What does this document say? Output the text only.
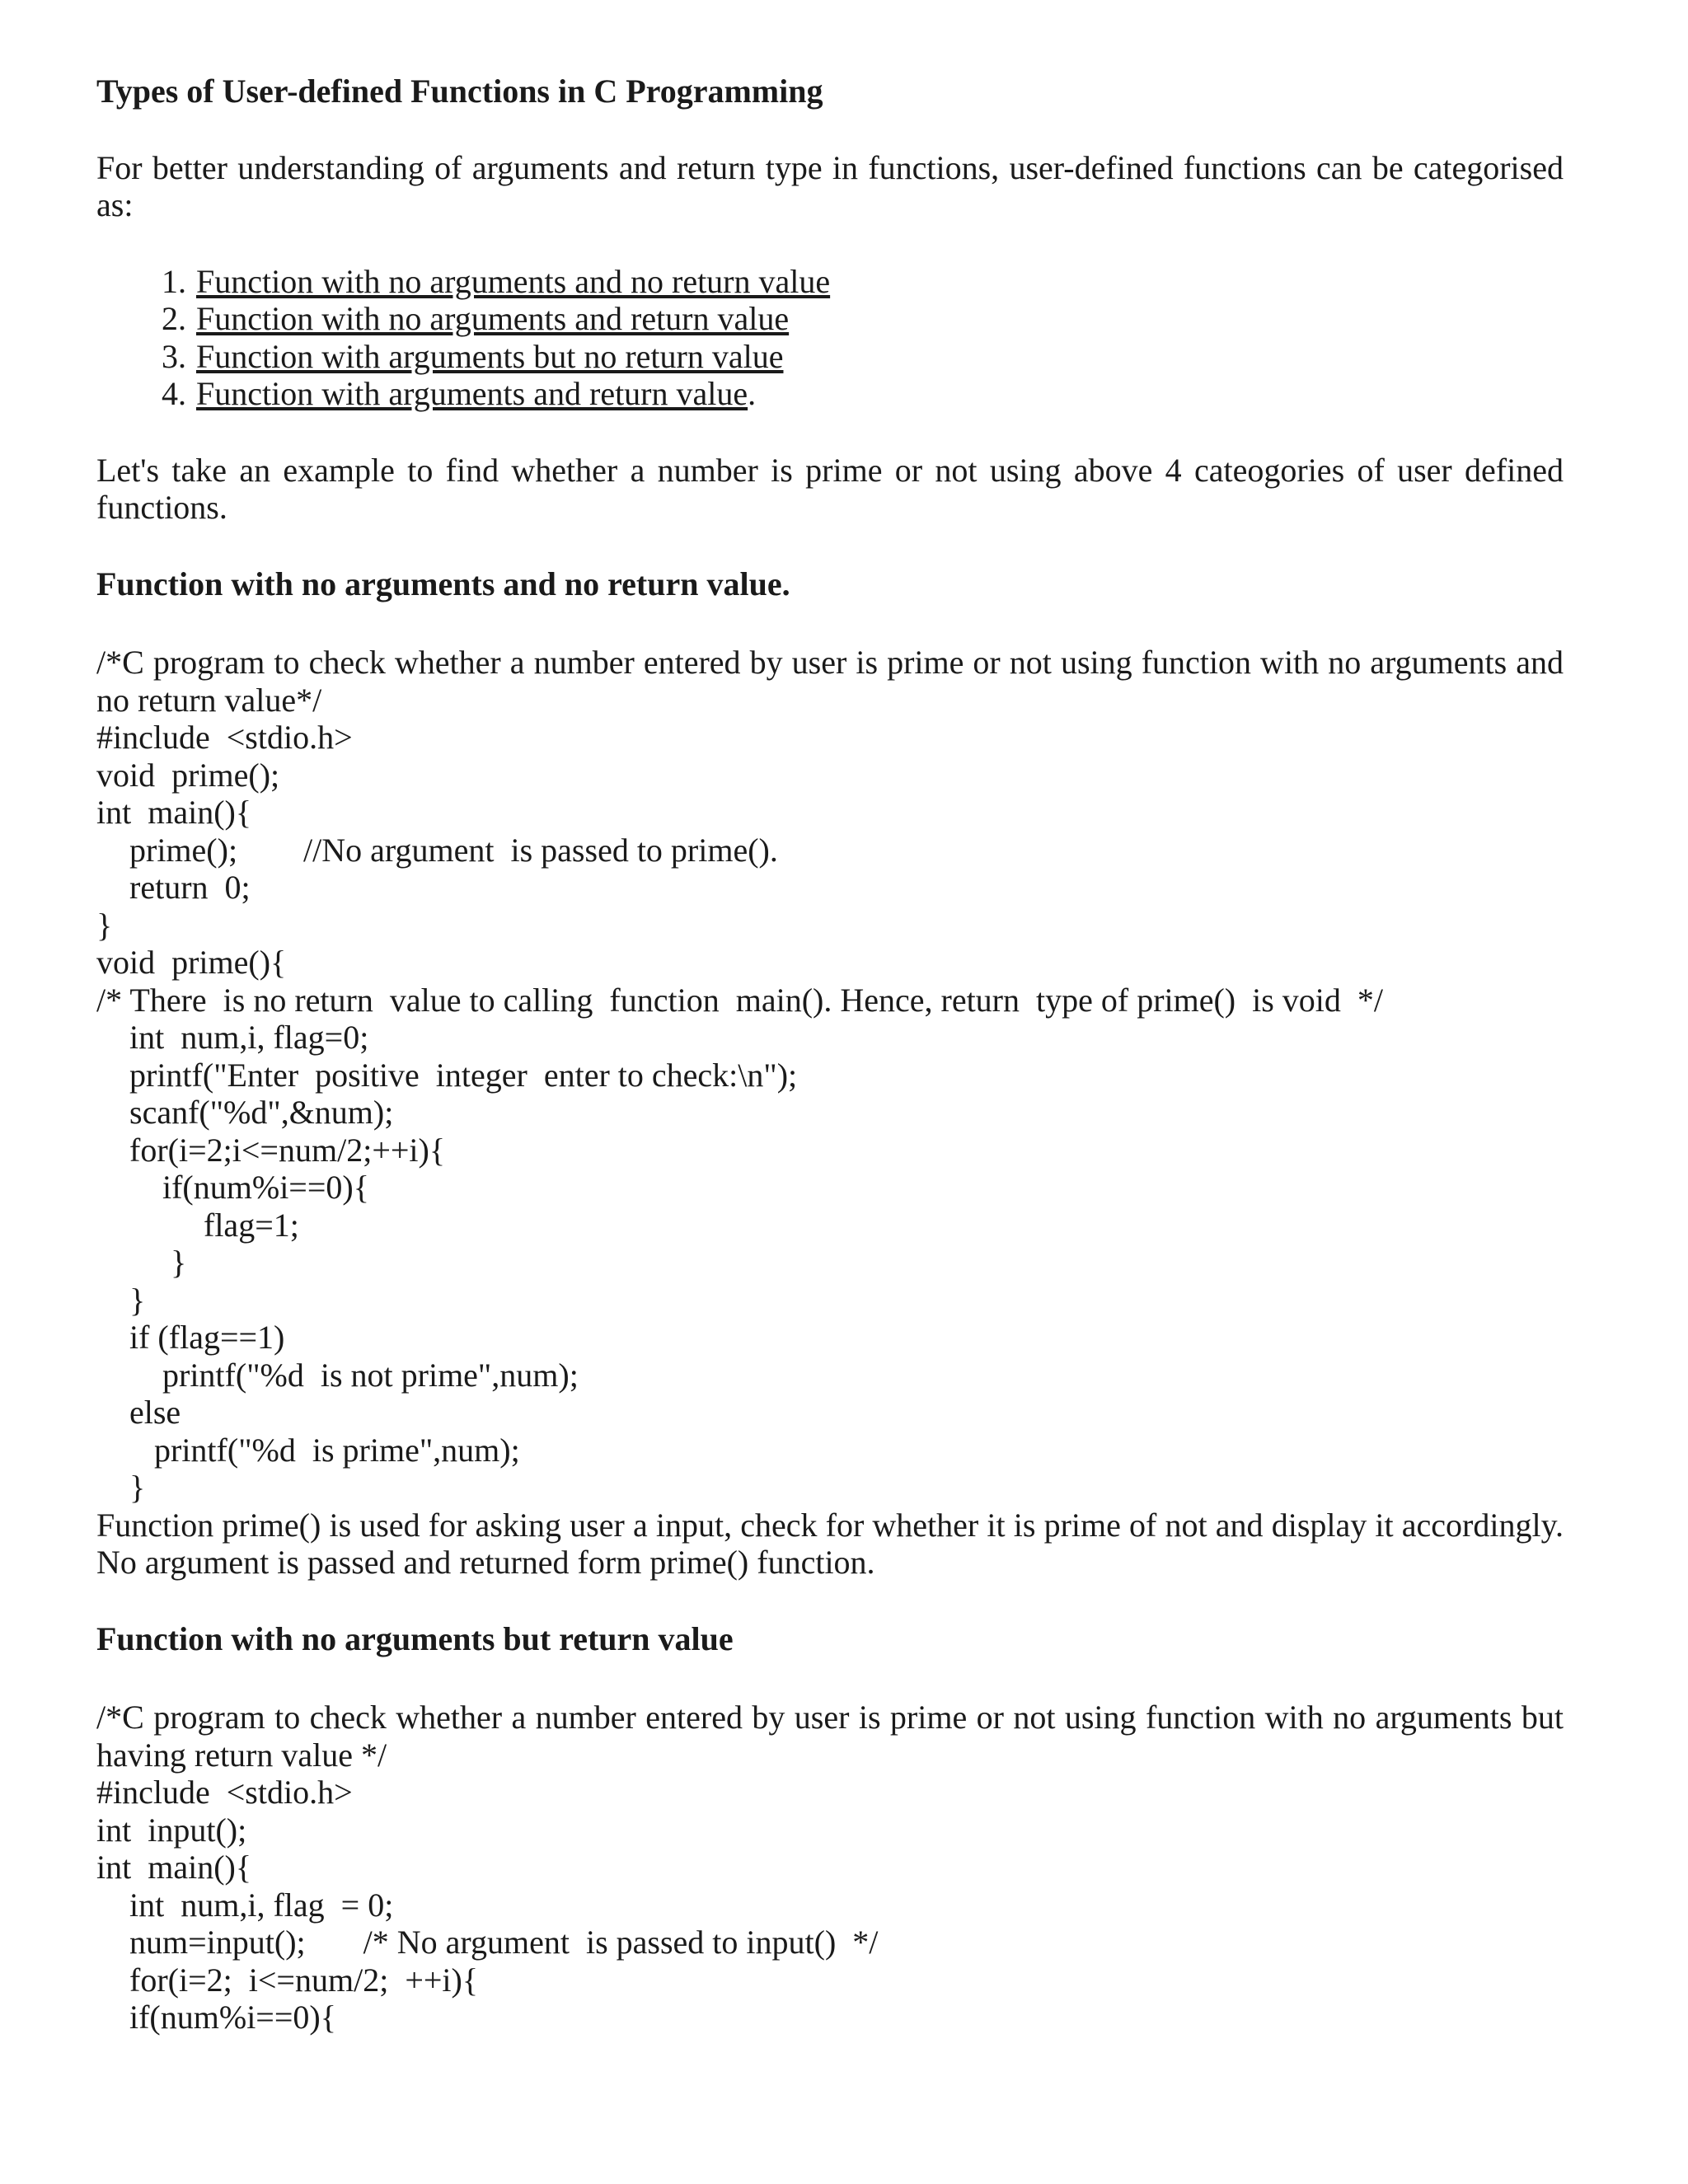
Types of User-defined Functions in C Programming

For better understanding of arguments and return type in functions, user-defined functions can be categorised as:

1. Function with no arguments and no return value
2. Function with no arguments and return value
3. Function with arguments but no return value
4. Function with arguments and return value.

Let's take an example to find whether a number is prime or not using above 4 cateogories of user defined functions.

Function with no arguments and no return value.

/*C program to check whether a number entered by user is prime or not using function with no arguments and no return value*/

#include  <stdio.h>
void  prime();
int  main(){
prime();        //No argument  is passed to prime().
return  0;
}
void  prime(){
/* There  is no return  value to calling  function  main(). Hence, return  type of prime()  is void  */
int  num,i, flag=0;
printf("Enter  positive  integer  enter to check:\n");
scanf("%d",&num);
for(i=2;i<=num/2;++i){
if(num%i==0){
flag=1;
}
}
if (flag==1)
printf("%d  is not prime",num);
else
printf("%d  is prime",num);
}

Function prime() is used for asking user a input, check for whether it is prime of not and display it accordingly. No argument is passed and returned form prime() function.

Function with no arguments but return value

/*C program to check whether a number entered by user is prime or not using function with no arguments but having return value */

#include  <stdio.h>
int  input();
int  main(){
int  num,i, flag  = 0;
num=input();       /* No argument  is passed to input()  */
for(i=2;  i<=num/2;  ++i){
if(num%i==0){
